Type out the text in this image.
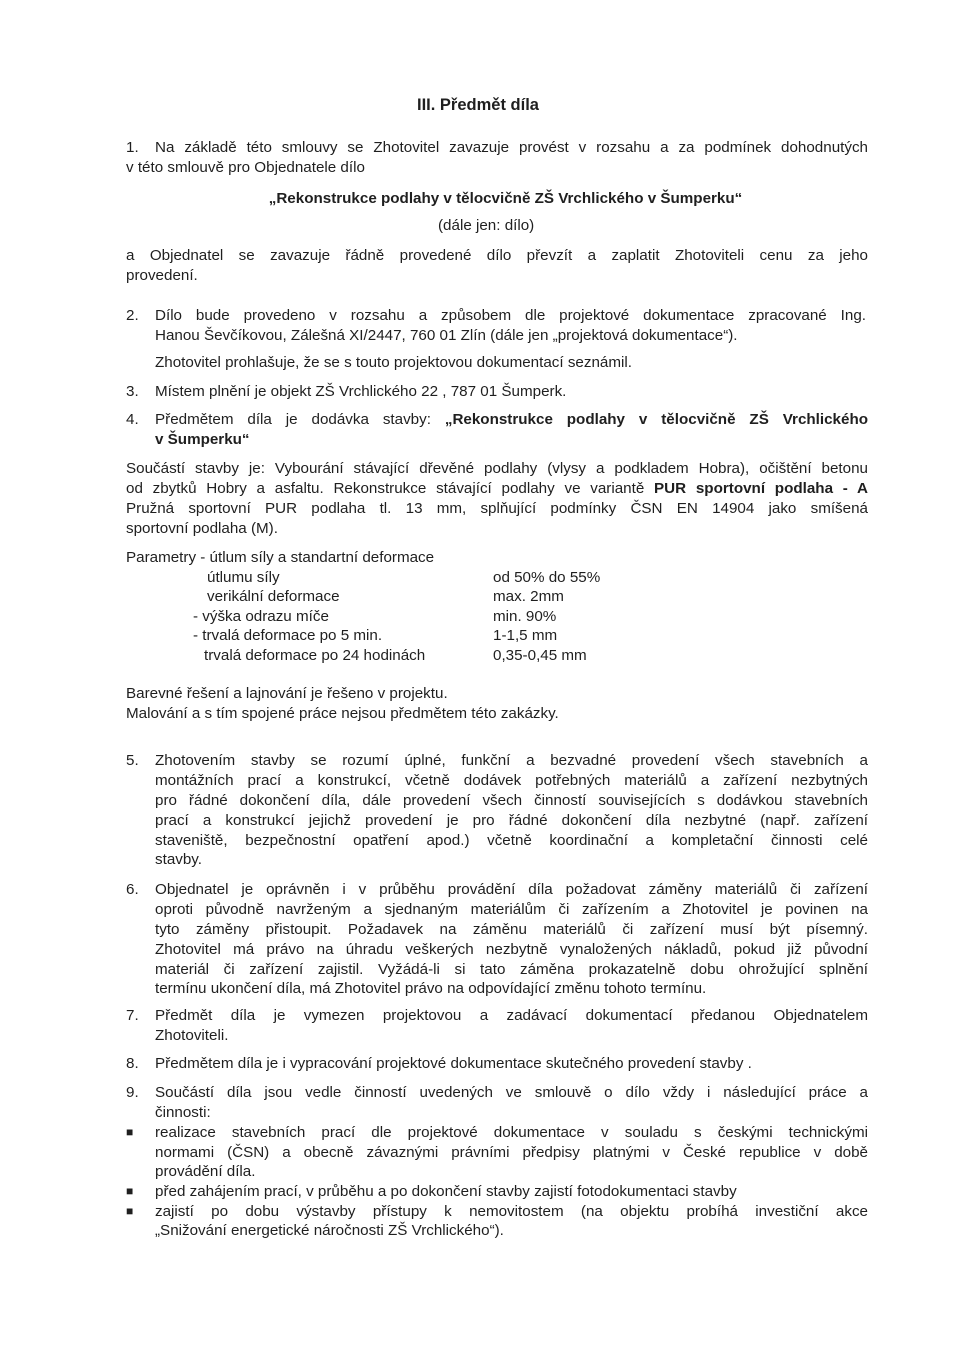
III. Předmět díla
1.	Na základě této smlouvy se Zhotovitel zavazuje provést v rozsahu a za podmínek dohodnutých
v této smlouvě pro Objednatele dílo
„Rekonstrukce podlahy v tělocvičně ZŠ Vrchlického v Šumperku“
(dále jen: dílo)
a Objednatel se zavazuje řádně provedené dílo převzít a zaplatit Zhotoviteli cenu za jeho
provedení.
2.	Dílo bude provedeno v rozsahu a způsobem dle projektové dokumentace zpracované Ing.
Hanou Ševčíkovou, Zálešná XI/2447, 760 01 Zlín (dále jen „projektová dokumentace“).
Zhotovitel prohlašuje, že se s touto projektovou dokumentací seznámil.
3.	Místem plnění je objekt ZŠ Vrchlického 22 , 787 01 Šumperk.
4.	Předmětem díla je dodávka stavby: „Rekonstrukce podlahy v tělocvičně ZŠ Vrchlického
v Šumperku“
Součástí stavby je: Vybourání stávající dřevěné podlahy (vlysy a podkladem Hobra), očištění betonu
od zbytků Hobry a asfaltu. Rekonstrukce stávající podlahy ve variantě PUR sportovní podlaha - A
Pružná sportovní PUR podlaha tl. 13 mm, splňující podmínky ČSN EN 14904 jako smíšená
sportovní podlaha (M).
Parametry - útlum síly a standartní deformace
útlumu síly	od 50% do 55%
verikální deformace	max. 2mm
- výška odrazu míče	min. 90%
- trvalá deformace po 5 min.	1-1,5 mm
trvalá deformace po 24 hodinách	0,35-0,45 mm
Barevné řešení a lajnování je řešeno v projektu.
Malování a s tím spojené práce nejsou předmětem této zakázky.
5.	Zhotovením stavby se rozumí úplné, funkční a bezvadné provedení všech stavebních a
montážních prací a konstrukcí, včetně dodávek potřebných materiálů a zařízení nezbytných
pro řádné dokončení díla, dále provedení všech činností souvisejících s dodávkou stavebních
prací a konstrukcí jejichž provedení je pro řádné dokončení díla nezbytné (např. zařízení
staveniště, bezpečnostní opatření apod.) včetně koordinační a kompletační činnosti celé
stavby.
6.	Objednatel je oprávněn i v průběhu provádění díla požadovat záměny materiálů či zařízení
oproti původně navrženým a sjednaným materiálům či zařízením a Zhotovitel je povinen na
tyto záměny přistoupit. Požadavek na záměnu materiálů či zařízení musí být písemný.
Zhotovitel má právo na úhradu veškerých nezbytně vynaložených nákladů, pokud již původní
materiál či zařízení zajistil. Vyžádá-li si tato záměna prokazatelně dobu ohrožující splnění
termínu ukončení díla, má Zhotovitel právo na odpovídající změnu tohoto termínu.
7.	Předmět díla je vymezen projektovou a zadávací dokumentací předanou Objednatelem
Zhotoviteli.
8.	Předmětem díla je i vypracování projektové dokumentace skutečného provedení stavby .
9.	Součástí díla jsou vedle činností uvedených ve smlouvě o dílo vždy i následující práce a
činnosti:
■ realizace stavebních prací dle projektové dokumentace v souladu s českými technickými
normami (ČSN) a obecně závaznými právními předpisy platnými v České republice v době
provádění díla.
■ před zahájením prací, v průběhu a po dokončení stavby zajistí fotodokumentaci stavby
■ zajistí po dobu výstavby přístupy k nemovitostem (na objektu probíhá investiční akce
„Snižování energetické náročnosti ZŠ Vrchlického“).
